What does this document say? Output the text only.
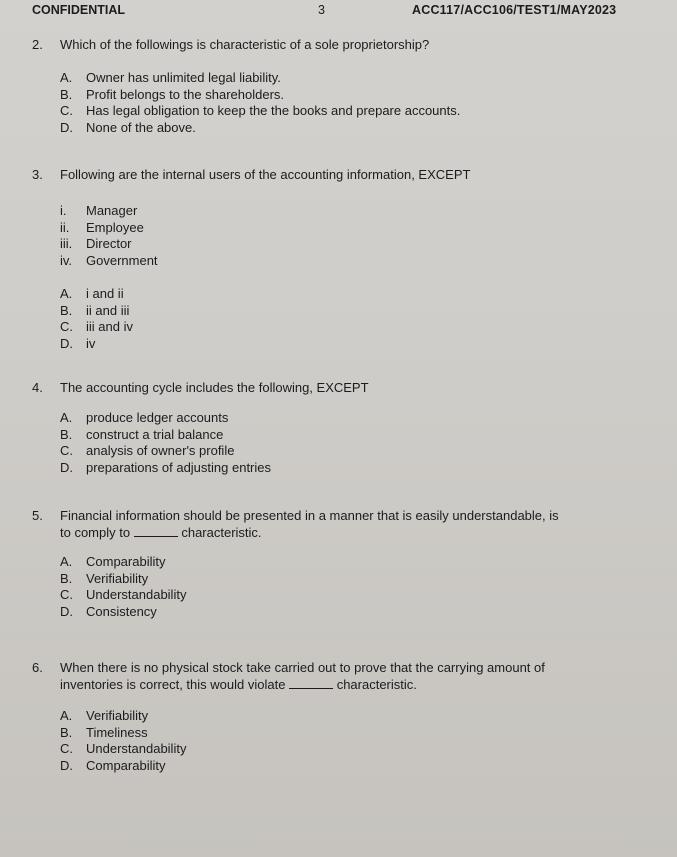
CONFIDENTIAL	3	ACC117/ACC106/TEST1/MAY2023
2.	Which of the followings is characteristic of a sole proprietorship?
A.	Owner has unlimited legal liability.
B.	Profit belongs to the shareholders.
C.	Has legal obligation to keep the the books and prepare accounts.
D.	None of the above.
3.	Following are the internal users of the accounting information, EXCEPT
i.	Manager
ii.	Employee
iii.	Director
iv.	Government
A.	i and ii
B.	ii and iii
C.	iii and iv
D.	iv
4.	The accounting cycle includes the following, EXCEPT
A.	produce ledger accounts
B.	construct a trial balance
C.	analysis of owner's profile
D.	preparations of adjusting entries
5.	Financial information should be presented in a manner that is easily understandable, is
to comply to	characteristic.
A.	Comparability
B.	Verifiability
C.	Understandability
D.	Consistency
6.	When there is no physical stock take carried out to prove that the carrying amount of
inventories is correct, this would violate	characteristic.
A.	Verifiability
B.	Timeliness
C.	Understandability
D.	Comparability
